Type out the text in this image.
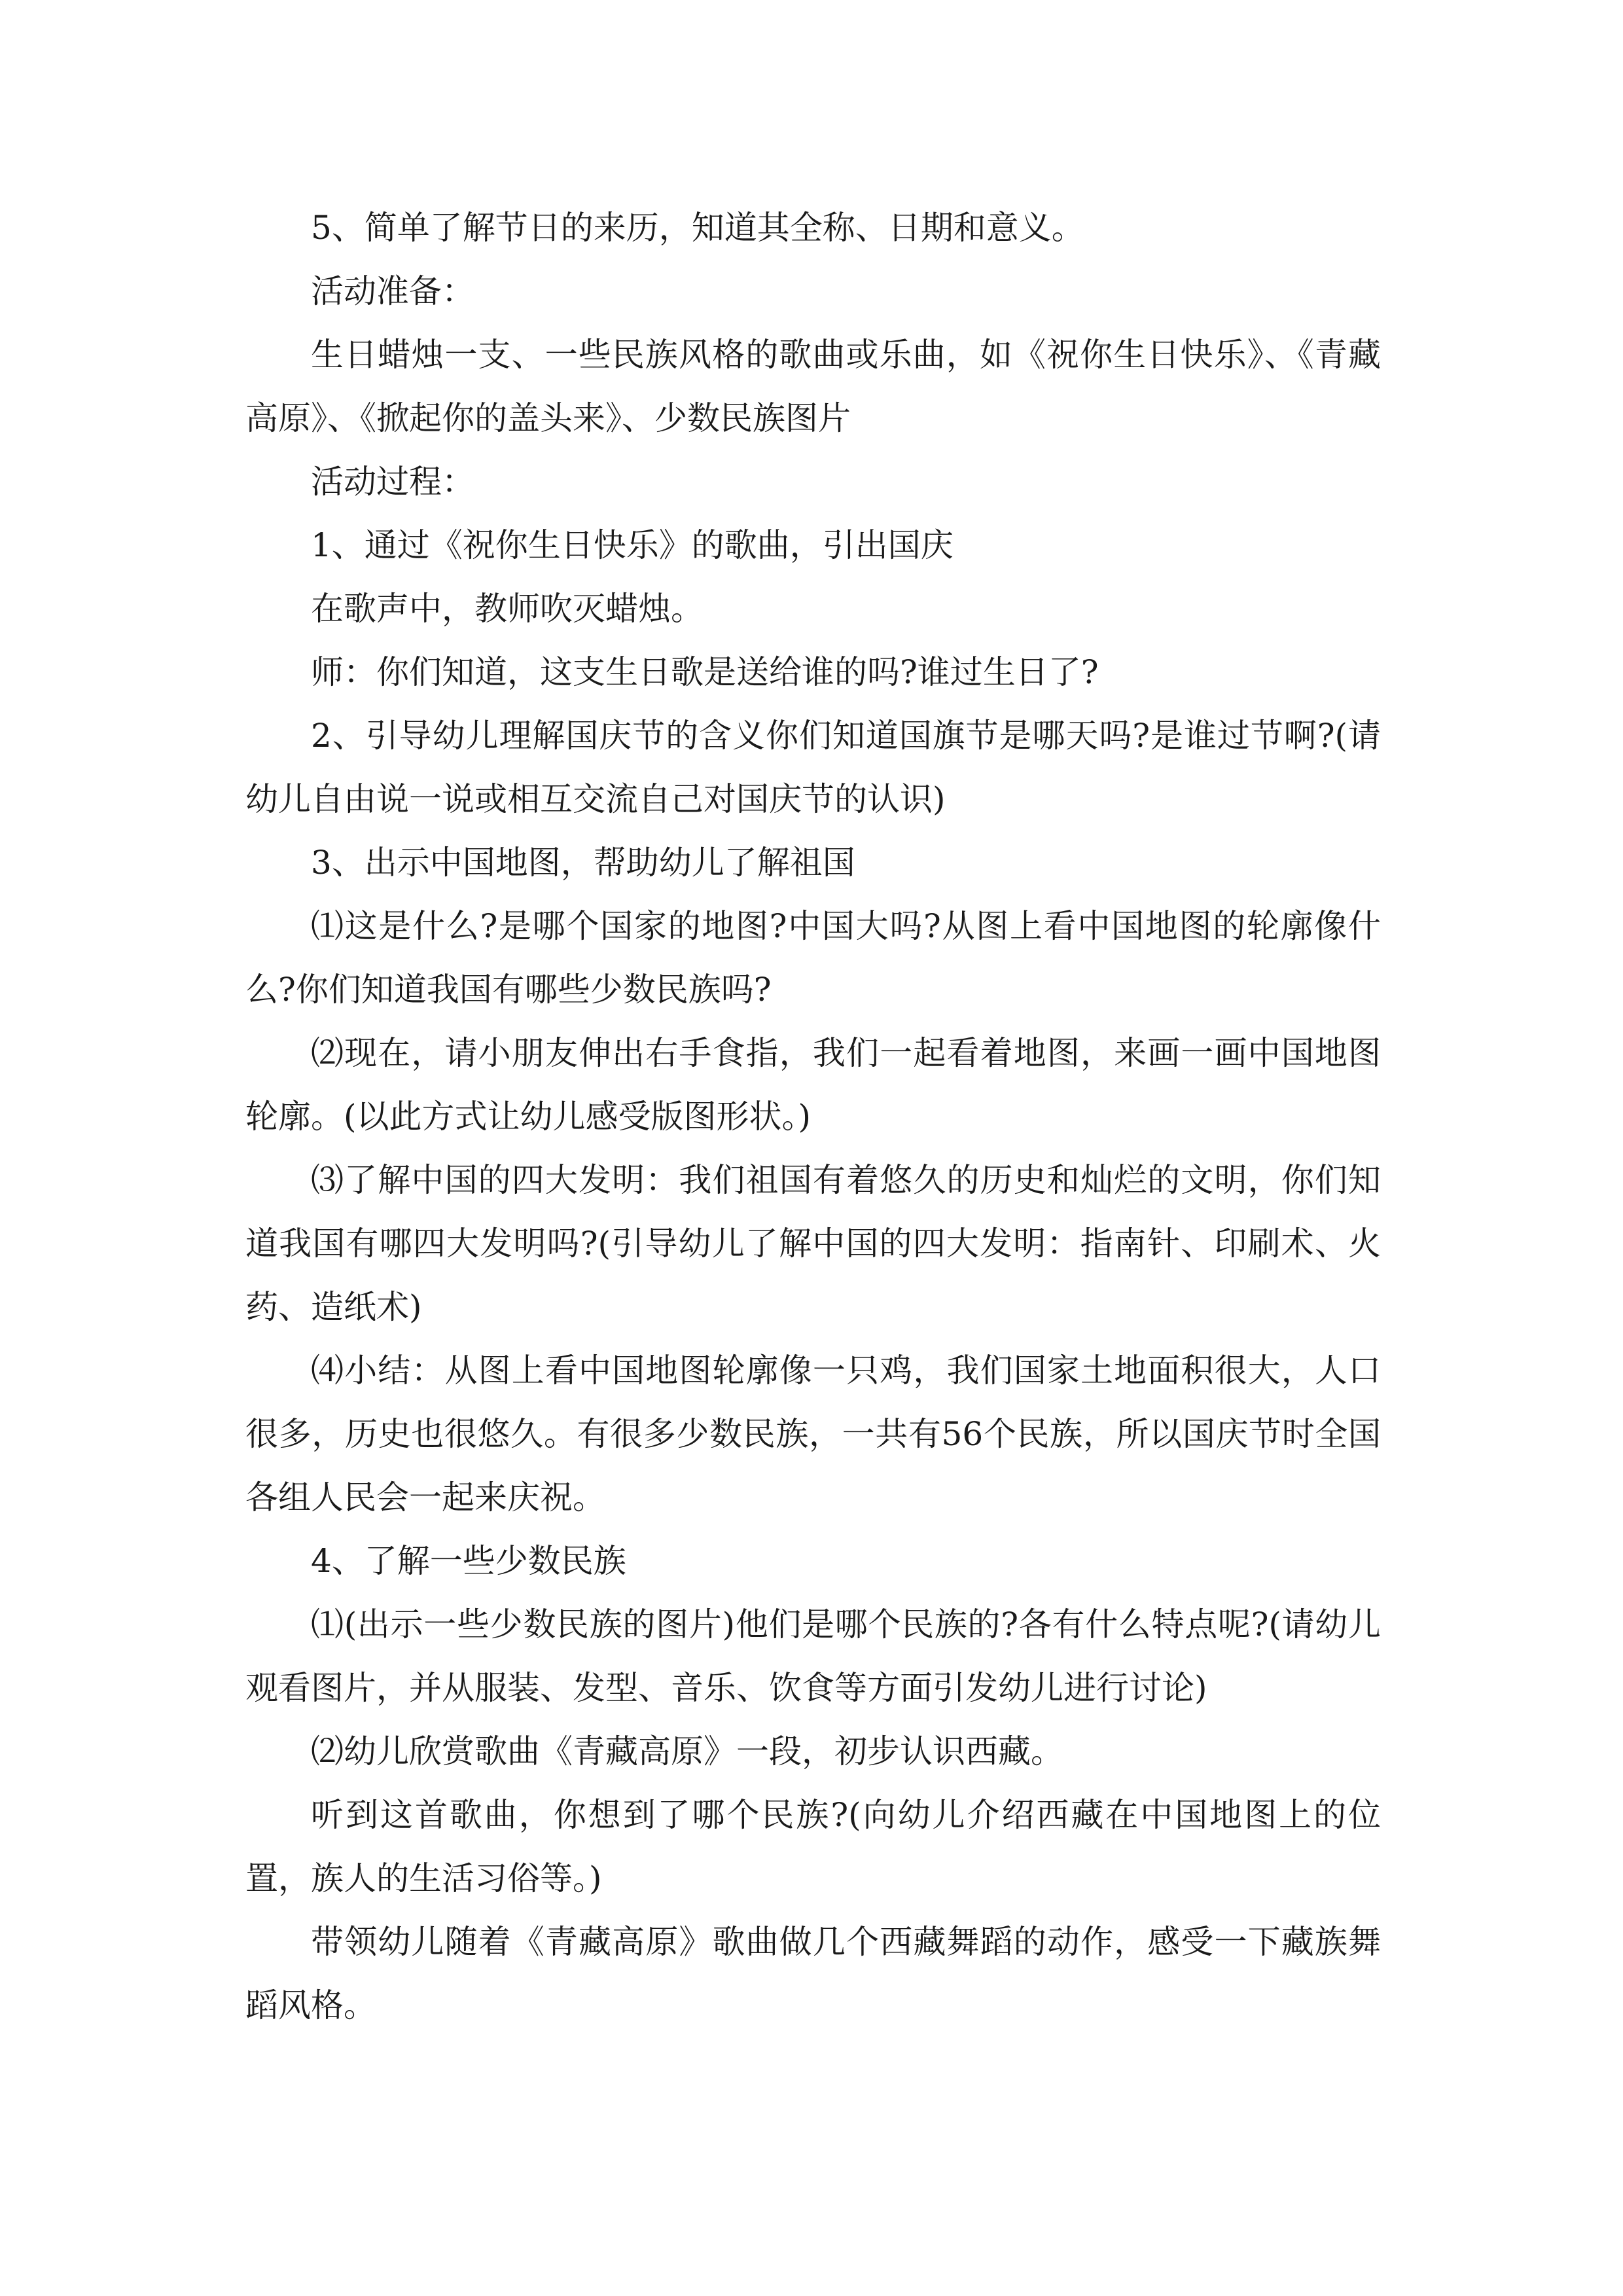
5、简单了解节日的来历，知道其全称、日期和意义。

活动准备：

生日蜡烛一支、一些民族风格的歌曲或乐曲，如《祝你生日快乐》、《青藏高原》、《掀起你的盖头来》、少数民族图片

活动过程：

1、通过《祝你生日快乐》的歌曲，引出国庆

在歌声中，教师吹灭蜡烛。

师：你们知道，这支生日歌是送给谁的吗?谁过生日了?

2、引导幼儿理解国庆节的含义你们知道国旗节是哪天吗?是谁过节啊?(请幼儿自由说一说或相互交流自己对国庆节的认识)

3、出示中国地图，帮助幼儿了解祖国

⑴这是什么?是哪个国家的地图?中国大吗?从图上看中国地图的轮廓像什么?你们知道我国有哪些少数民族吗?

⑵现在，请小朋友伸出右手食指，我们一起看着地图，来画一画中国地图轮廓。(以此方式让幼儿感受版图形状。)

⑶了解中国的四大发明：我们祖国有着悠久的历史和灿烂的文明，你们知道我国有哪四大发明吗?(引导幼儿了解中国的四大发明：指南针、印刷术、火药、造纸术)

⑷小结：从图上看中国地图轮廓像一只鸡，我们国家土地面积很大，人口很多，历史也很悠久。有很多少数民族，一共有56个民族，所以国庆节时全国各组人民会一起来庆祝。

4、了解一些少数民族

⑴(出示一些少数民族的图片)他们是哪个民族的?各有什么特点呢?(请幼儿观看图片，并从服装、发型、音乐、饮食等方面引发幼儿进行讨论)

⑵幼儿欣赏歌曲《青藏高原》一段，初步认识西藏。

听到这首歌曲，你想到了哪个民族?(向幼儿介绍西藏在中国地图上的位置，族人的生活习俗等。)

带领幼儿随着《青藏高原》歌曲做几个西藏舞蹈的动作，感受一下藏族舞蹈风格。
